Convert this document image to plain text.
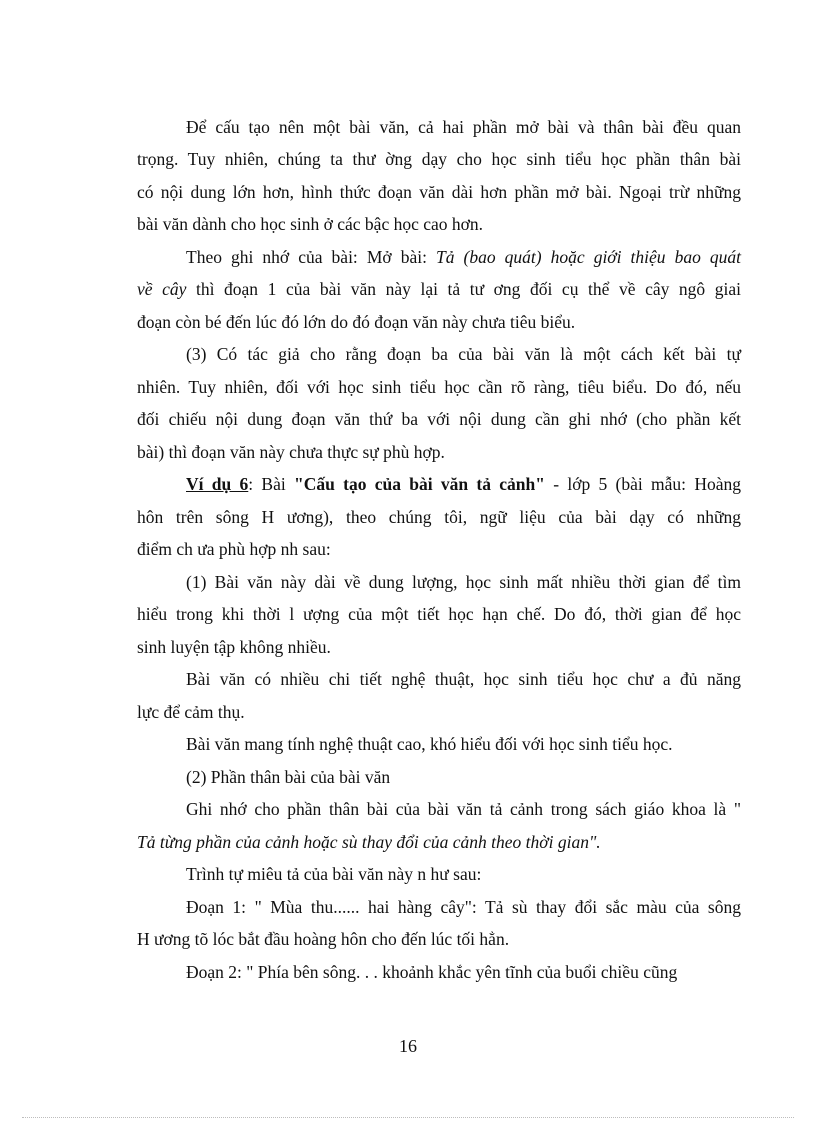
Để cấu tạo nên một bài văn, cả hai phần mở bài và thân bài đều quan
trọng. Tuy nhiên, chúng ta thư ờng dạy cho học sinh tiểu học phần thân bài
có nội dung lớn hơn, hình thức đoạn văn dài hơn phần mở bài. Ngoại trừ những
bài văn dành cho học sinh ở các bậc học cao hơn.
Theo ghi nhớ của bài: Mở bài: Tả (bao quát) hoặc giới thiệu bao quát
về cây thì đoạn 1 của bài văn này lại tả tư ơng đối cụ thể về cây ngô giai
đoạn còn bé đến lúc đó lớn do đó đoạn văn này chưa tiêu biểu.
(3) Có tác giả cho rằng đoạn ba của bài văn là một cách kết bài tự
nhiên. Tuy nhiên, đối với học sinh tiểu học cần rõ ràng, tiêu biểu. Do đó, nếu
đối chiếu nội dung đoạn văn thứ ba với nội dung cần ghi nhớ (cho phần kết
bài) thì đoạn văn này chưa thực sự phù hợp.
Ví dụ 6: Bài "Cấu tạo của bài văn tả cảnh" - lớp 5 (bài mẫu: Hoàng
hôn trên sông H ương), theo chúng tôi, ngữ liệu của bài dạy có những
điểm ch ưa phù hợp nh sau:
(1) Bài văn này dài về dung lượng, học sinh mất nhiều thời gian để tìm
hiểu trong khi thời l ượng của một tiết học hạn chế. Do đó, thời gian để học
sinh luyện tập không nhiều.
Bài văn có nhiều chi tiết nghệ thuật, học sinh tiểu học chư a đủ năng
lực để cảm thụ.
Bài văn mang tính nghệ thuật cao, khó hiểu đối với học sinh tiểu học.
(2) Phần thân bài của bài văn
Ghi nhớ cho phần thân bài của bài văn tả cảnh trong sách giáo khoa là "
Tả từng phần của cảnh hoặc sù thay đổi của cảnh theo thời gian".
Trình tự miêu tả của bài văn này n hư sau:
Đoạn 1: " Mùa thu...... hai hàng cây": Tả sù thay đổi sắc màu của sông
H ương tõ lóc bắt đầu hoàng hôn cho đến lúc tối hẳn.
Đoạn 2: " Phía bên sông. . . khoảnh khắc yên tĩnh của buổi chiều cũng
16
